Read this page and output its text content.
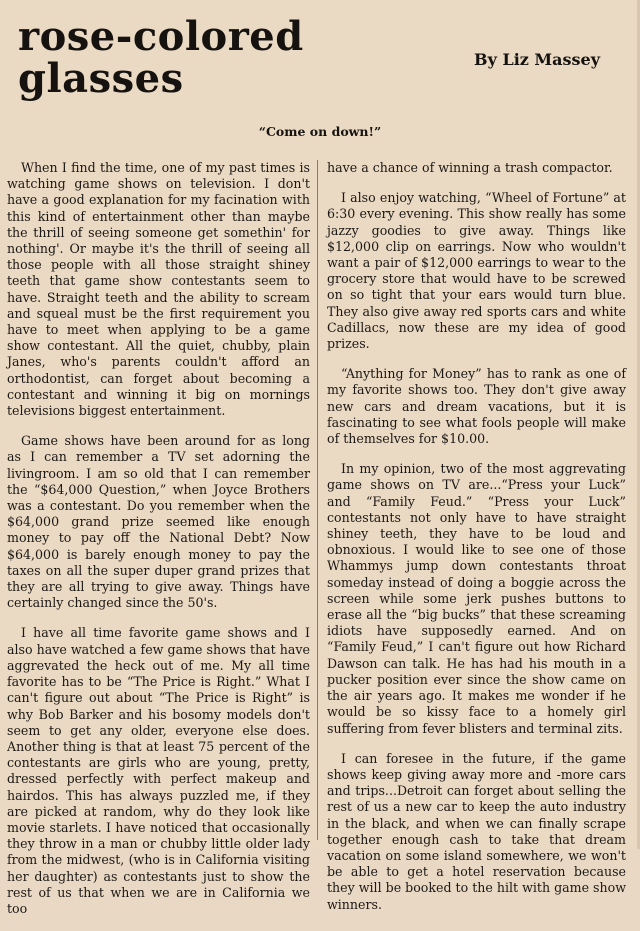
rose-colored
glasses	By Liz Massey
“Come on down!”

When I find the time, one of my past times is watching game shows on television. I don't have a good explanation for my facination with this kind of entertainment other than maybe the thrill of seeing someone get somethin' for nothing'. Or maybe it's the thrill of seeing all those people with all those straight shiney teeth that game show contestants seem to have. Straight teeth and the ability to scream and squeal must be the first requirement you have to meet when applying to be a game show contestant. All the quiet, chubby, plain Janes, who's parents couldn't afford an orthodontist, can forget about becoming a contestant and winning it big on mornings televisions biggest entertainment.

Game shows have been around for as long as I can remember a TV set adorning the livingroom. I am so old that I can remember the “$64,000 Question,” when Joyce Brothers was a contestant. Do you remember when the $64,000 grand prize seemed like enough money to pay off the National Debt? Now $64,000 is barely enough money to pay the taxes on all the super duper grand prizes that they are all trying to give away. Things have certainly changed since the 50's.

I have all time favorite game shows and I also have watched a few game shows that have aggrevated the heck out of me. My all time favorite has to be “The Price is Right.” What I can't figure out about “The Price is Right” is why Bob Barker and his bosomy models don't seem to get any older, everyone else does. Another thing is that at least 75 percent of the contestants are girls who are young, pretty, dressed perfectly with perfect makeup and hairdos. This has always puzzled me, if they are picked at random, why do they look like movie starlets. I have noticed that occasionally they throw in a man or chubby little older lady from the midwest, (who is in California visiting her daughter) as contestants just to show the rest of us that when we are in California we too

have a chance of winning a trash compactor.

I also enjoy watching, “Wheel of Fortune” at 6:30 every evening. This show really has some jazzy goodies to give away. Things like $12,000 clip on earrings. Now who wouldn't want a pair of $12,000 earrings to wear to the grocery store that would have to be screwed on so tight that your ears would turn blue. They also give away red sports cars and white Cadillacs, now these are my idea of good prizes.

“Anything for Money” has to rank as one of my favorite shows too. They don't give away new cars and dream vacations, but it is fascinating to see what fools people will make of themselves for $10.00.

In my opinion, two of the most aggrevating game shows on TV are...“Press your Luck” and “Family Feud.” “Press your Luck” contestants not only have to have straight shiney teeth, they have to be loud and obnoxious. I would like to see one of those Whammys jump down contestants throat someday instead of doing a boggie across the screen while some jerk pushes buttons to erase all the “big bucks” that these screaming idiots have supposedly earned. And on “Family Feud,” I can't figure out how Richard Dawson can talk. He has had his mouth in a pucker position ever since the show came on the air years ago. It makes me wonder if he would be so kissy face to a homely girl suffering from fever blisters and terminal zits.

I can foresee in the future, if the game shows keep giving away more and -more cars and trips...Detroit can forget about selling the rest of us a new car to keep the auto industry in the black, and when we can finally scrape together enough cash to take that dream vacation on some island somewhere, we won't be able to get a hotel reservation because they will be booked to the hilt with game show winners.
